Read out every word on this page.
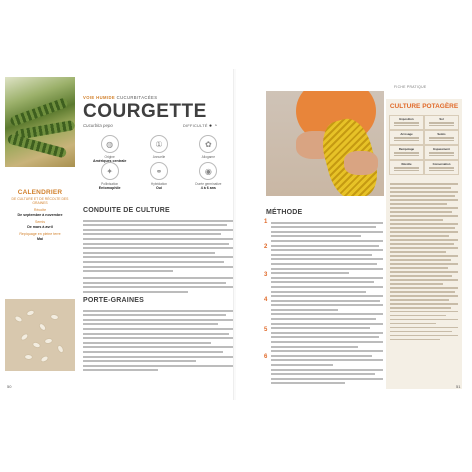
VOIE HUMIDE CUCURBITACÉES
COURGETTE
Cucurbita pepo	DIFFICULTÉ ● ◔
◍
Origine
Amériques centrale
①
Annuelle
✿
Allogame
✦
Pollinisation
Entomophile
⚭
Hybridation
Oui
◉
Durée germinative
4 à 6 ans
CALENDRIER
DE CULTURE ET DE RÉCOLTE DES GRAINES
Récolte
De septembre à novembre
Semis
De mars à avril
Repiquage en pleine terre
Mai
CONDUITE DE CULTURE
PORTE-GRAINES
50
FICHE PRATIQUE
MÉTHODE
1
2
3
4
5
6
CULTURE POTAGÈRE
Exposition	Sol
Arrosage	Semis
Rempotage	Espacement
Récolte	Conservation
51
